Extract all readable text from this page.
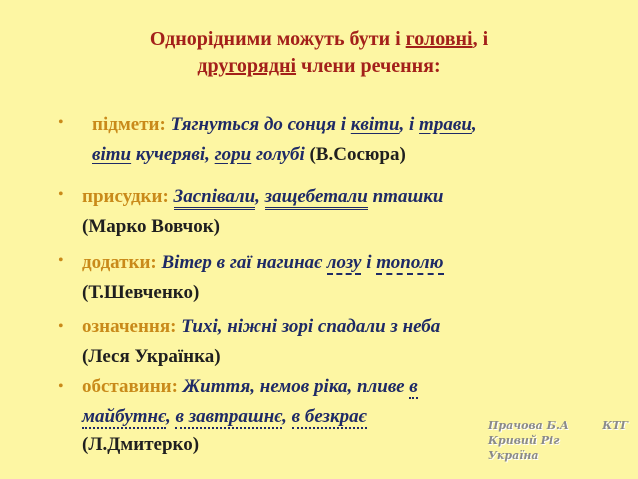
Однорідними можуть бути і головні, і
другорядні члени речення:
• підмети: Тягнуться до сонця і квіти, і трави,
віти кучеряві, гори голубі (В.Сосюра)
• присудки: Заспівали, защебетали пташки
(Марко Вовчок)
• додатки: Вітер в гаї нагинає лозу і тополю
(Т.Шевченко)
• означення: Тихі, ніжні зорі спадали з неба
(Леся Українка)
• обставини: Життя, немов ріка, пливе в
майбутнє, в завтрашнє, в безкрає
(Л.Дмитерко)
Прачова Б.А	КТГ
Кривий Ріг
Україна
